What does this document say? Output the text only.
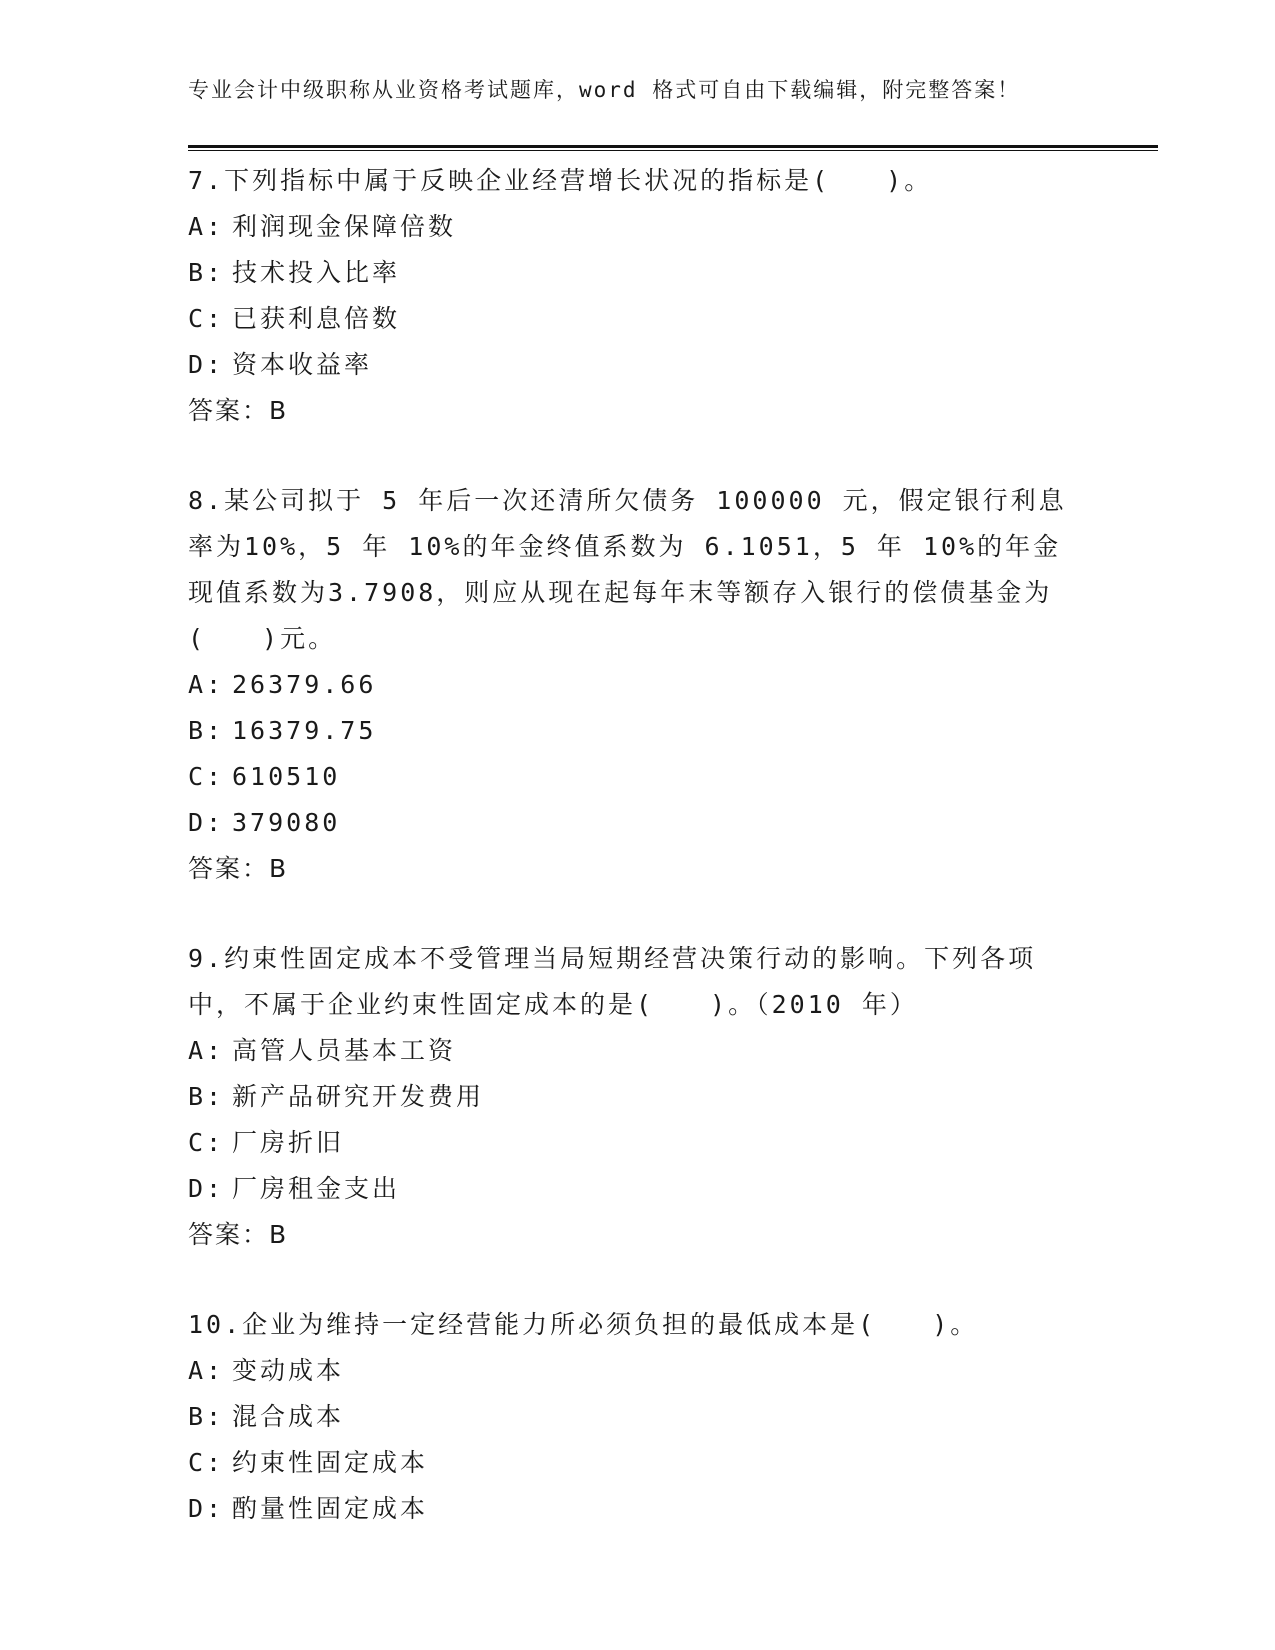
专业会计中级职称从业资格考试题库，word 格式可自由下载编辑，附完整答案！

7.下列指标中属于反映企业经营增长状况的指标是(　　)。

A: 利润现金保障倍数

B: 技术投入比率

C: 已获利息倍数

D: 资本收益率

答案：B

8.某公司拟于 5 年后一次还清所欠债务 100000 元，假定银行利息率为10%，5 年 10%的年金终值系数为 6.1051，5 年 10%的年金现值系数为3.7908，则应从现在起每年末等额存入银行的偿债基金为(　　)元。

A: 26379.66

B: 16379.75

C: 610510

D: 379080

答案：B

9.约束性固定成本不受管理当局短期经营决策行动的影响。下列各项中，不属于企业约束性固定成本的是(　　)。（2010 年）

A: 高管人员基本工资

B: 新产品研究开发费用

C: 厂房折旧

D: 厂房租金支出

答案：B

10.企业为维持一定经营能力所必须负担的最低成本是(　　)。

A: 变动成本

B: 混合成本

C: 约束性固定成本

D: 酌量性固定成本
